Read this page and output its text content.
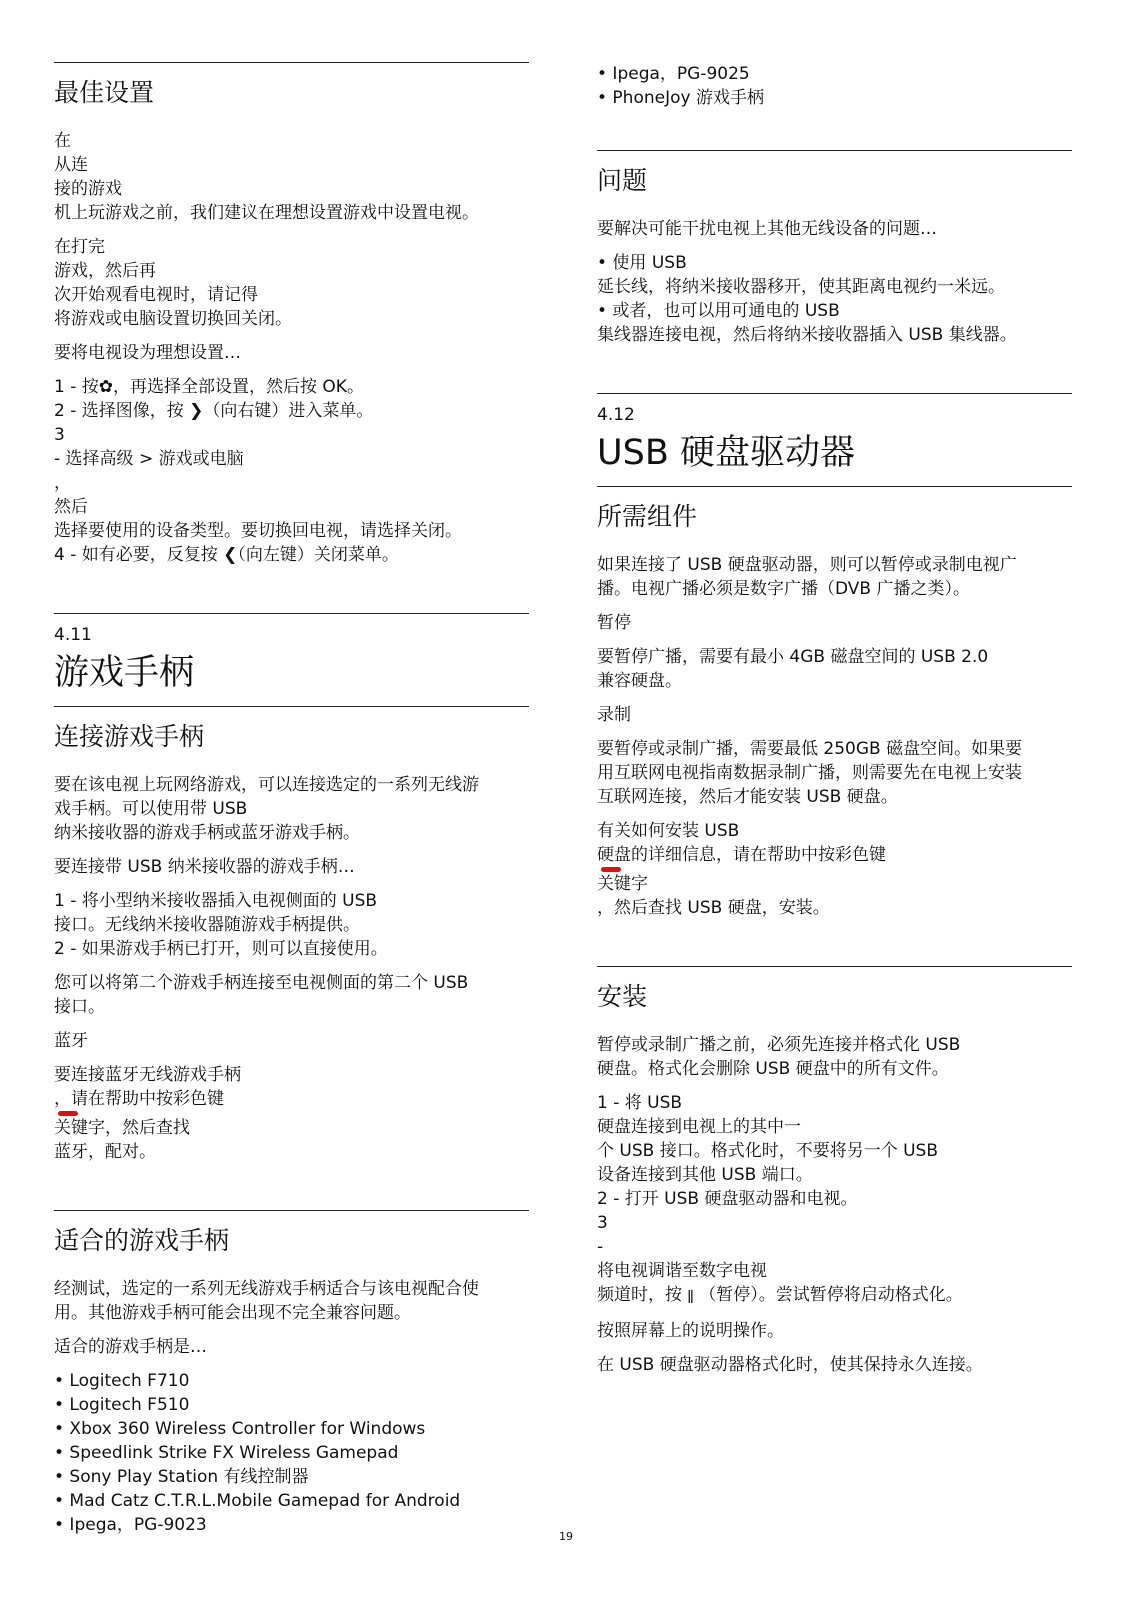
最佳设置

在
从连
接的游戏
机上玩游戏之前，我们建议在理想设置游戏中设置电视。

在打完
游戏，然后再
次开始观看电视时，请记得
将游戏或电脑设置切换回关闭。

要将电视设为理想设置…

1 - 按✿，再选择全部设置，然后按 OK。
2 - 选择图像，按 ❯（向右键）进入菜单。
3
- 选择高级 > 游戏或电脑
，
然后
选择要使用的设备类型。要切换回电视，请选择关闭。
4 - 如有必要，反复按 ❮（向左键）关闭菜单。

4.11
游戏手柄
连接游戏手柄

要在该电视上玩网络游戏，可以连接选定的一系列无线游
戏手柄。可以使用带 USB
纳米接收器的游戏手柄或蓝牙游戏手柄。

要连接带 USB 纳米接收器的游戏手柄…

1 - 将小型纳米接收器插入电视侧面的 USB
接口。无线纳米接收器随游戏手柄提供。
2 - 如果游戏手柄已打开，则可以直接使用。

您可以将第二个游戏手柄连接至电视侧面的第二个 USB
接口。

蓝牙

要连接蓝牙无线游戏手柄
，请在帮助中按彩色键
关键字，然后查找
蓝牙，配对。

适合的游戏手柄

经测试，选定的一系列无线游戏手柄适合与该电视配合使
用。其他游戏手柄可能会出现不完全兼容问题。

适合的游戏手柄是…

• Logitech F710
• Logitech F510
• Xbox 360 Wireless Controller for Windows
• Speedlink Strike FX Wireless Gamepad
• Sony Play Station 有线控制器
• Mad Catz C.T.R.L.Mobile Gamepad for Android
• Ipega，PG-9023
• Ipega，PG-9025
• PhoneJoy 游戏手柄
问题

要解决可能干扰电视上其他无线设备的问题…

• 使用 USB
延长线，将纳米接收器移开，使其距离电视约一米远。
• 或者，也可以用可通电的 USB
集线器连接电视，然后将纳米接收器插入 USB 集线器。

4.12
USB 硬盘驱动器
所需组件

如果连接了 USB 硬盘驱动器，则可以暂停或录制电视广
播。电视广播必须是数字广播（DVB 广播之类）。

暂停

要暂停广播，需要有最小 4GB 磁盘空间的 USB 2.0
兼容硬盘。

录制

要暂停或录制广播，需要最低 250GB 磁盘空间。如果要
用互联网电视指南数据录制广播，则需要先在电视上安装
互联网连接，然后才能安装 USB 硬盘。

有关如何安装 USB
硬盘的详细信息，请在帮助中按彩色键
关键字
，然后查找 USB 硬盘，安装。

安装

暂停或录制广播之前，必须先连接并格式化 USB
硬盘。格式化会删除 USB 硬盘中的所有文件。

1 - 将 USB
硬盘连接到电视上的其中一
个 USB 接口。格式化时，不要将另一个 USB
设备连接到其他 USB 端口。
2 - 打开 USB 硬盘驱动器和电视。
3
-
将电视调谐至数字电视
频道时，按 ǁ （暂停）。尝试暂停将启动格式化。

按照屏幕上的说明操作。

在 USB 硬盘驱动器格式化时，使其保持永久连接。

19
